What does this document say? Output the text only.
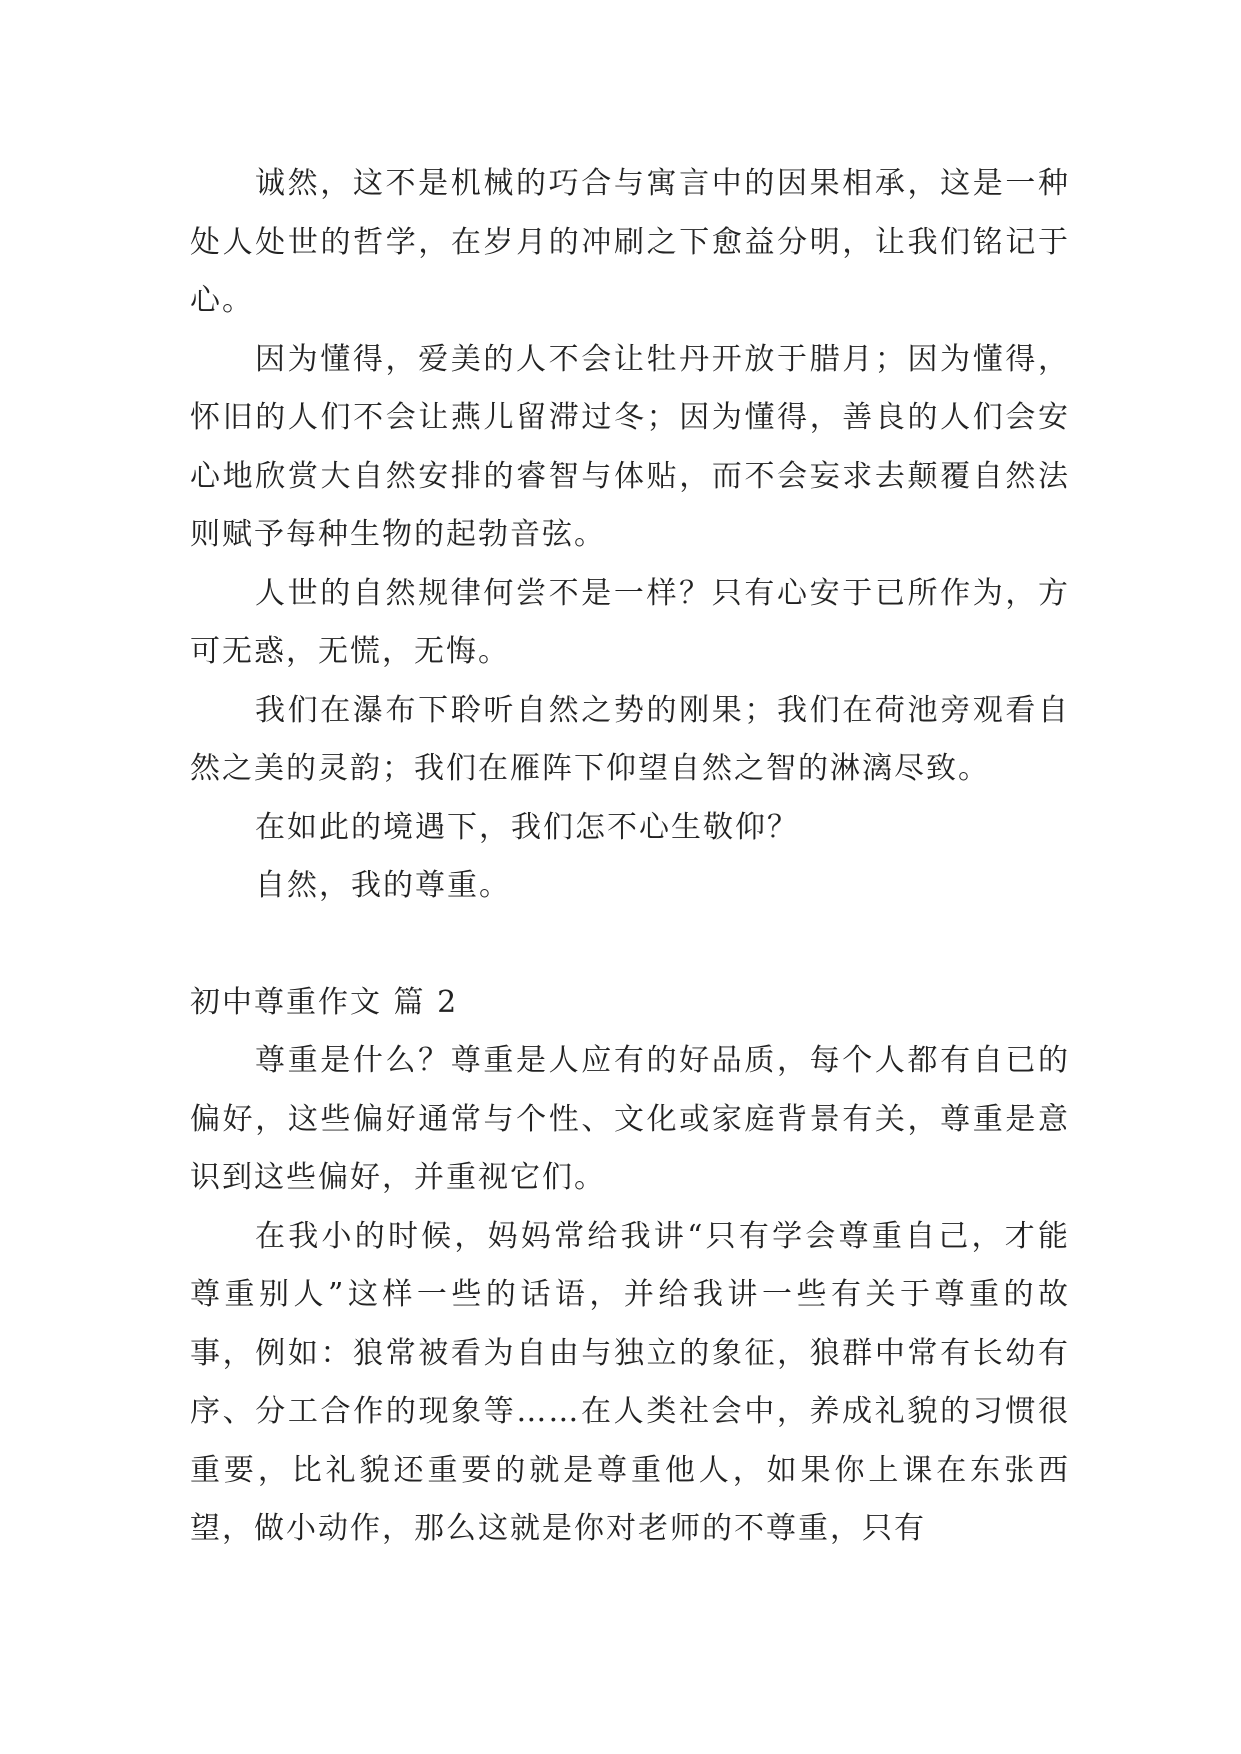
诚然，这不是机械的巧合与寓言中的因果相承，这是一种处人处世的哲学，在岁月的冲刷之下愈益分明，让我们铭记于心。

因为懂得，爱美的人不会让牡丹开放于腊月；因为懂得，怀旧的人们不会让燕儿留滞过冬；因为懂得，善良的人们会安心地欣赏大自然安排的睿智与体贴，而不会妄求去颠覆自然法则赋予每种生物的起勃音弦。

人世的自然规律何尝不是一样？只有心安于已所作为，方可无惑，无慌，无悔。

我们在瀑布下聆听自然之势的刚果；我们在荷池旁观看自然之美的灵韵；我们在雁阵下仰望自然之智的淋漓尽致。

在如此的境遇下，我们怎不心生敬仰？

自然，我的尊重。

初中尊重作文 篇 2

尊重是什么？尊重是人应有的好品质，每个人都有自已的偏好，这些偏好通常与个性、文化或家庭背景有关，尊重是意识到这些偏好，并重视它们。

在我小的时候，妈妈常给我讲“只有学会尊重自己，才能尊重别人”这样一些的话语，并给我讲一些有关于尊重的故事，例如：狼常被看为自由与独立的象征，狼群中常有长幼有序、分工合作的现象等……在人类社会中，养成礼貌的习惯很重要，比礼貌还重要的就是尊重他人，如果你上课在东张西望，做小动作，那么这就是你对老师的不尊重，只有
